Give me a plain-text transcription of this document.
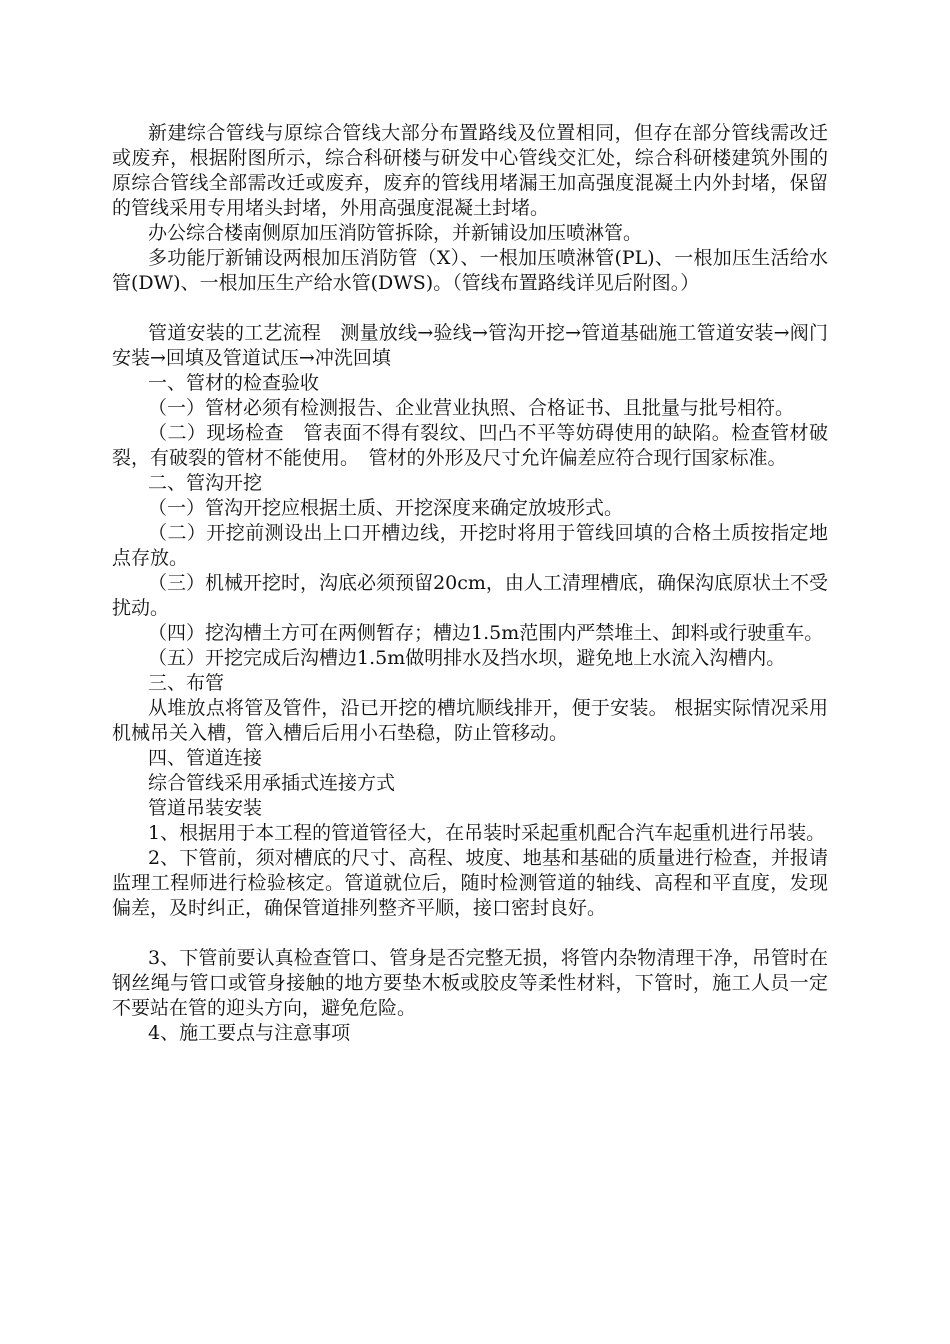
新建综合管线与原综合管线大部分布置路线及位置相同，但存在部分管线需改迁或废弃，根据附图所示，综合科研楼与研发中心管线交汇处，综合科研楼建筑外围的原综合管线全部需改迁或废弃，废弃的管线用堵漏王加高强度混凝土内外封堵，保留的管线采用专用堵头封堵，外用高强度混凝土封堵。

办公综合楼南侧原加压消防管拆除，并新铺设加压喷淋管。

多功能厅新铺设两根加压消防管（X）、一根加压喷淋管(PL)、一根加压生活给水管(DW)、一根加压生产给水管(DWS)。（管线布置路线详见后附图。）

管道安装的工艺流程　测量放线→验线→管沟开挖→管道基础施工管道安装→阀门安装→回填及管道试压→冲洗回填

一、管材的检查验收

（一）管材必须有检测报告、企业营业执照、合格证书、且批量与批号相符。

（二）现场检查　管表面不得有裂纹、凹凸不平等妨碍使用的缺陷。检查管材破裂，有破裂的管材不能使用。　管材的外形及尺寸允许偏差应符合现行国家标准。

二、管沟开挖

（一）管沟开挖应根据土质、开挖深度来确定放坡形式。

（二）开挖前测设出上口开槽边线，开挖时将用于管线回填的合格土质按指定地点存放。

（三）机械开挖时，沟底必须预留20cm，由人工清理槽底，确保沟底原状土不受扰动。

（四）挖沟槽土方可在两侧暂存；槽边1.5m范围内严禁堆土、卸料或行驶重车。

（五）开挖完成后沟槽边1.5m做明排水及挡水坝，避免地上水流入沟槽内。

三、布管

从堆放点将管及管件，沿已开挖的槽坑顺线排开，便于安装。 根据实际情况采用机械吊关入槽，管入槽后后用小石垫稳，防止管移动。

四、管道连接

综合管线采用承插式连接方式

管道吊装安装

1、根据用于本工程的管道管径大，在吊装时采起重机配合汽车起重机进行吊装。

2、下管前，须对槽底的尺寸、高程、坡度、地基和基础的质量进行检查，并报请监理工程师进行检验核定。管道就位后，随时检测管道的轴线、高程和平直度，发现偏差，及时纠正，确保管道排列整齐平顺，接口密封良好。

3、下管前要认真检查管口、管身是否完整无损，将管内杂物清理干净，吊管时在钢丝绳与管口或管身接触的地方要垫木板或胶皮等柔性材料，下管时，施工人员一定不要站在管的迎头方向，避免危险。

4、施工要点与注意事项
